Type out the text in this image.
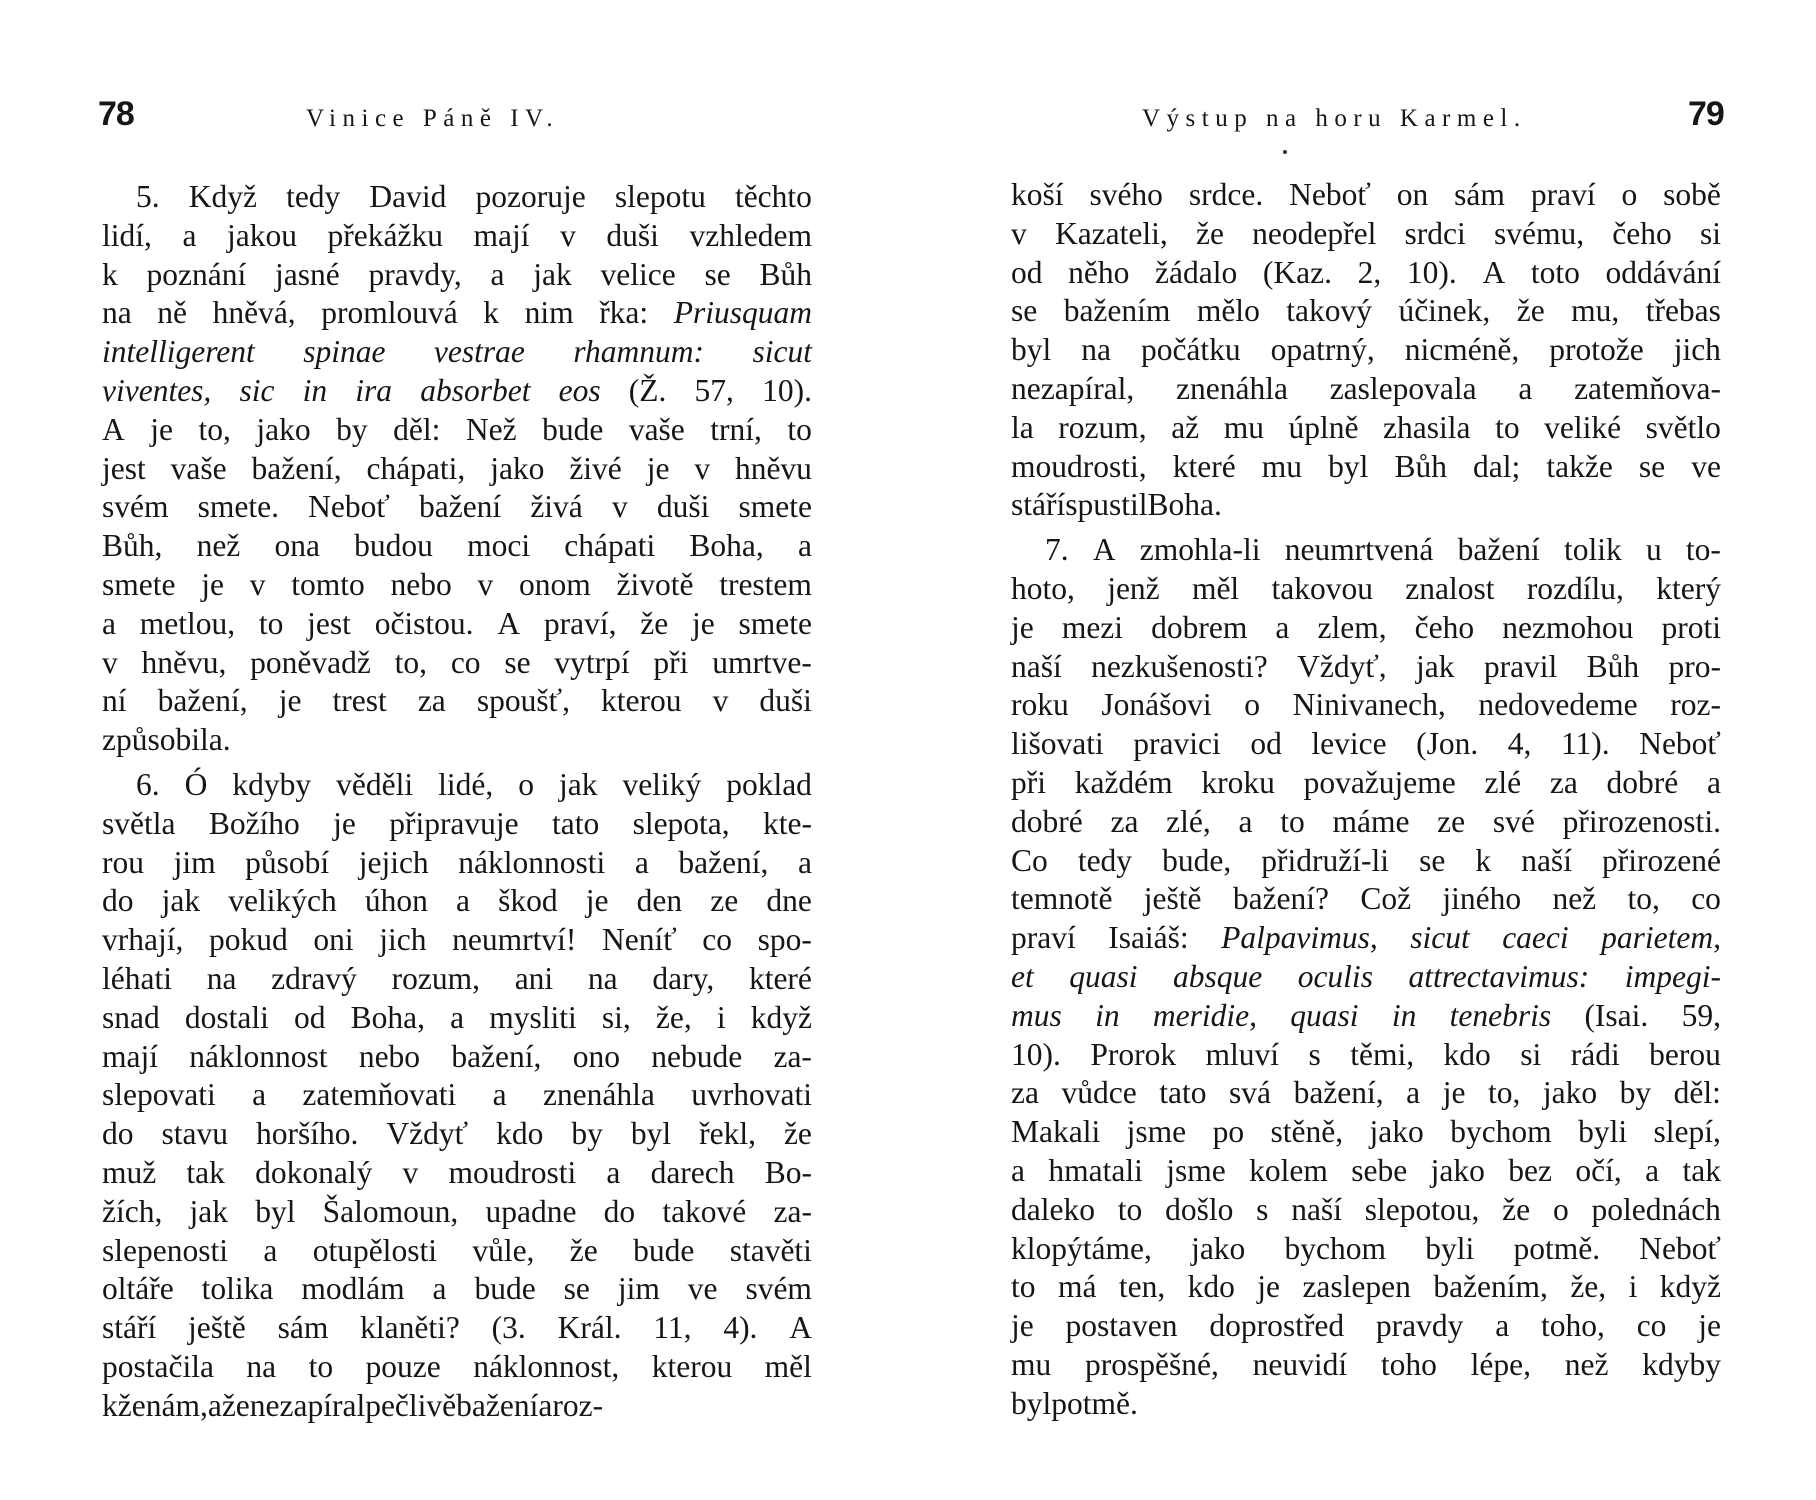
78	Vinice Páně IV.
5. Když tedy David pozoruje slepotu těchto
lidí, a jakou překážku mají v duši vzhledem
k poznání jasné pravdy, a jak velice se Bůh
na ně hněvá, promlouvá k nim řka: Priusquam
intelligerent spinae vestrae rhamnum: sicut
viventes, sic in ira absorbet eos (Ž. 57, 10).
A je to, jako by děl: Než bude vaše trní, to
jest vaše bažení, chápati, jako živé je v hněvu
svém smete. Neboť bažení živá v duši smete
Bůh, než ona budou moci chápati Boha, a
smete je v tomto nebo v onom životě trestem
a metlou, to jest očistou. A praví, že je smete
v hněvu, poněvadž to, co se vytrpí při umrtve-
ní bažení, je trest za spoušť, kterou v duši
způsobila.
6. Ó kdyby věděli lidé, o jak veliký poklad
světla Božího je připravuje tato slepota, kte-
rou jim působí jejich náklonnosti a bažení, a
do jak velikých úhon a škod je den ze dne
vrhají, pokud oni jich neumrtví! Neníť co spo-
léhati na zdravý rozum, ani na dary, které
snad dostali od Boha, a mysliti si, že, i když
mají náklonnost nebo bažení, ono nebude za-
slepovati a zatemňovati a znenáhla uvrhovati
do stavu horšího. Vždyť kdo by byl řekl, že
muž tak dokonalý v moudrosti a darech Bo-
žích, jak byl Šalomoun, upadne do takové za-
slepenosti a otupělosti vůle, že bude stavěti
oltáře tolika modlám a bude se jim ve svém
stáří ještě sám klaněti? (3. Král. 11, 4). A
postačila na to pouze náklonnost, kterou měl
k ženám, a že nezapíral pečlivě bažení a roz-
Výstup na horu Karmel.	79
koší svého srdce. Neboť on sám praví o sobě
v Kazateli, že neodepřel srdci svému, čeho si
od něho žádalo (Kaz. 2, 10). A toto oddávání
se bažením mělo takový účinek, že mu, třebas
byl na počátku opatrný, nicméně, protože jich
nezapíral, znenáhla zaslepovala a zatemňova-
la rozum, až mu úplně zhasila to veliké světlo
moudrosti, které mu byl Bůh dal; takže se ve
stáří spustil Boha.
7. A zmohla-li neumrtvená bažení tolik u to-
hoto, jenž měl takovou znalost rozdílu, který
je mezi dobrem a zlem, čeho nezmohou proti
naší nezkušenosti? Vždyť, jak pravil Bůh pro-
roku Jonášovi o Ninivanech, nedovedeme roz-
lišovati pravici od levice (Jon. 4, 11). Neboť
při každém kroku považujeme zlé za dobré a
dobré za zlé, a to máme ze své přirozenosti.
Co tedy bude, přidruží-li se k naší přirozené
temnotě ještě bažení? Což jiného než to, co
praví Isaiáš: Palpavimus, sicut caeci parietem,
et quasi absque oculis attrectavimus: impegi-
mus in meridie, quasi in tenebris (Isai. 59,
10). Prorok mluví s těmi, kdo si rádi berou
za vůdce tato svá bažení, a je to, jako by děl:
Makali jsme po stěně, jako bychom byli slepí,
a hmatali jsme kolem sebe jako bez očí, a tak
daleko to došlo s naší slepotou, že o polednách
klopýtáme, jako bychom byli potmě. Neboť
to má ten, kdo je zaslepen bažením, že, i když
je postaven doprostřed pravdy a toho, co je
mu prospěšné, neuvidí toho lépe, než kdyby
byl potmě.
